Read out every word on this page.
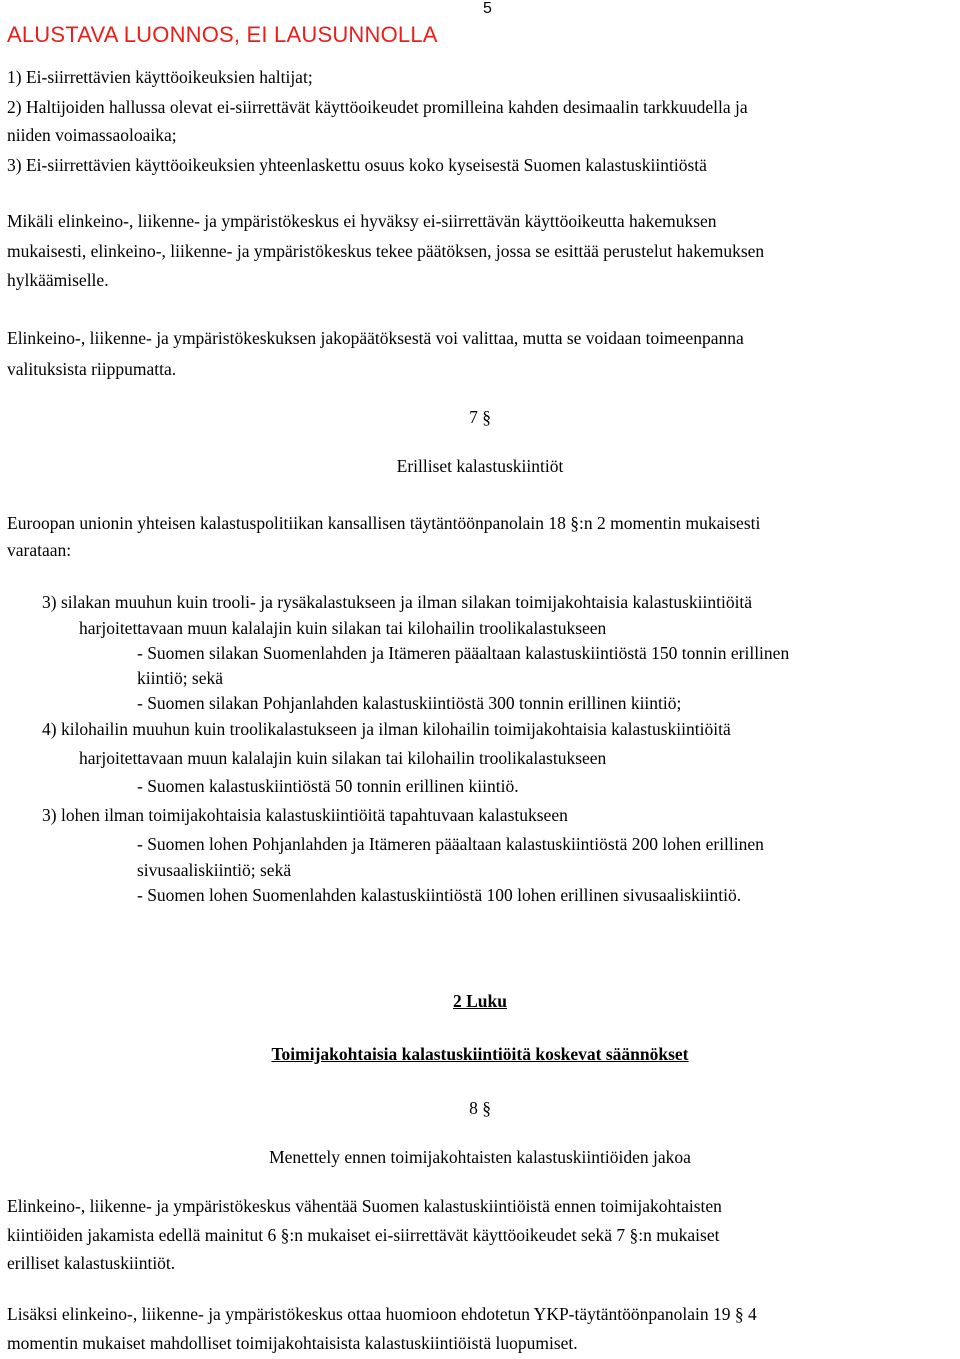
ALUSTAVA LUONNOS, EI LAUSUNNOLLA
5
1) Ei-siirrettävien käyttöoikeuksien haltijat;
2) Haltijoiden hallussa olevat ei-siirrettävät käyttöoikeudet promilleina kahden desimaalin tarkkuudella ja
niiden voimassaoloaika;
3) Ei-siirrettävien käyttöoikeuksien yhteenlaskettu osuus koko kyseisestä Suomen kalastuskiintiöstä
Mikäli elinkeino-, liikenne- ja ympäristökeskus ei hyväksy ei-siirrettävän käyttöoikeutta hakemuksen
mukaisesti, elinkeino-, liikenne- ja ympäristökeskus tekee päätöksen, jossa se esittää perustelut hakemuksen
hylkäämiselle.
Elinkeino-, liikenne- ja ympäristökeskuksen jakopäätöksestä voi valittaa, mutta se voidaan toimeenpanna
valituksista riippumatta.
7 §
Erilliset kalastuskiintiöt
Euroopan unionin yhteisen kalastuspolitiikan kansallisen täytäntöönpanolain 18 §:n 2 momentin mukaisesti
varataan:
3) silakan muuhun kuin trooli- ja rysäkalastukseen ja ilman silakan toimijakohtaisia kalastuskiintiöitä
harjoitettavaan muun kalalajin kuin silakan tai kilohailin troolikalastukseen
- Suomen silakan Suomenlahden ja Itämeren pääaltaan kalastuskiintiöstä 150 tonnin erillinen
kiintiö; sekä
- Suomen silakan Pohjanlahden kalastuskiintiöstä 300 tonnin erillinen kiintiö;
4) kilohailin muuhun kuin troolikalastukseen ja ilman kilohailin toimijakohtaisia kalastuskiintiöitä
harjoitettavaan muun kalalajin kuin silakan tai kilohailin troolikalastukseen
- Suomen kalastuskiintiöstä 50 tonnin erillinen kiintiö.
3) lohen ilman toimijakohtaisia kalastuskiintiöitä tapahtuvaan kalastukseen
- Suomen lohen Pohjanlahden ja Itämeren pääaltaan kalastuskiintiöstä 200 lohen erillinen
sivusaaliskiintiö; sekä
- Suomen lohen Suomenlahden kalastuskiintiöstä 100 lohen erillinen sivusaaliskiintiö.
2 Luku
Toimijakohtaisia kalastuskiintiöitä koskevat säännökset
8 §
Menettely ennen toimijakohtaisten kalastuskiintiöiden jakoa
Elinkeino-, liikenne- ja ympäristökeskus vähentää Suomen kalastuskiintiöistä ennen toimijakohtaisten
kiintiöiden jakamista edellä mainitut 6 §:n mukaiset ei-siirrettävät käyttöoikeudet sekä 7 §:n mukaiset
erilliset kalastuskiintiöt.
Lisäksi elinkeino-, liikenne- ja ympäristökeskus ottaa huomioon ehdotetun YKP-täytäntöönpanolain 19 § 4
momentin mukaiset mahdolliset toimijakohtaisista kalastuskiintiöistä luopumiset.
